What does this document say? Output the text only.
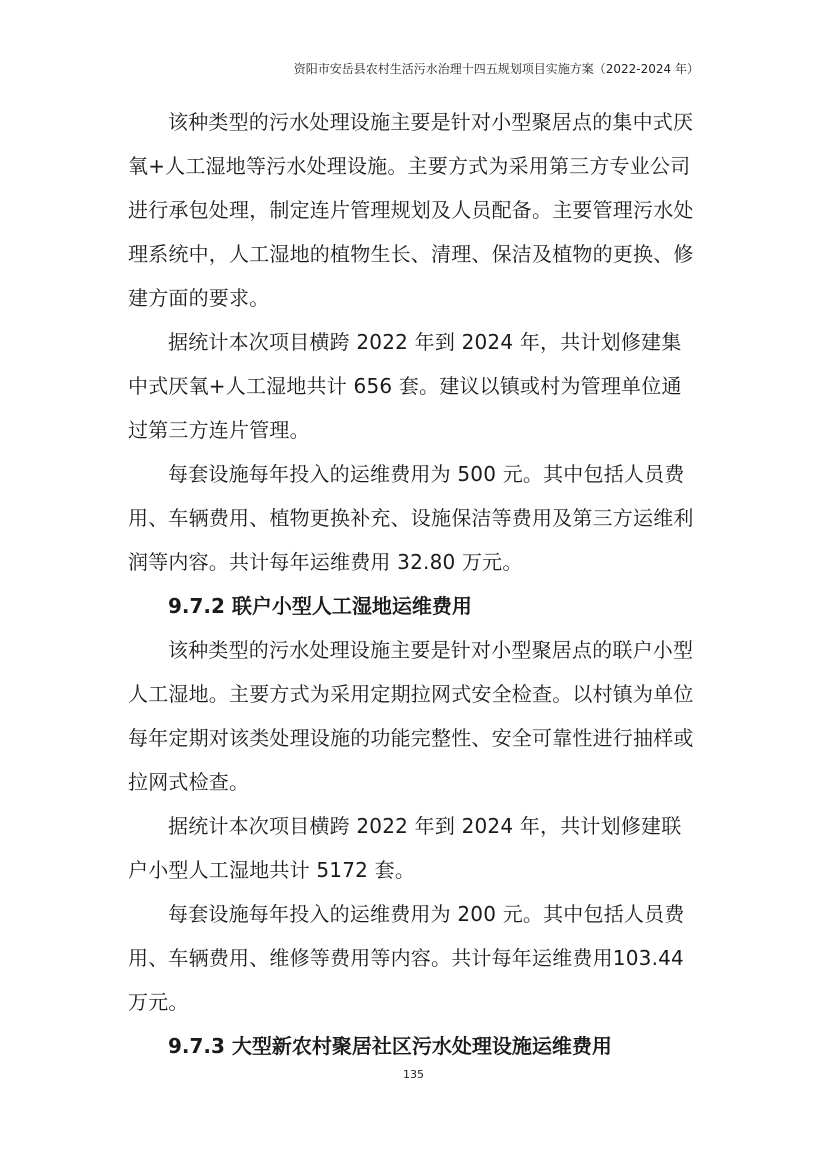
资阳市安岳县农村生活污水治理十四五规划项目实施方案（2022-2024 年）

该种类型的污水处理设施主要是针对小型聚居点的集中式厌氧+人工湿地等污水处理设施。主要方式为采用第三方专业公司进行承包处理，制定连片管理规划及人员配备。主要管理污水处理系统中，人工湿地的植物生长、清理、保洁及植物的更换、修建方面的要求。

据统计本次项目横跨 2022 年到 2024 年，共计划修建集中式厌氧+人工湿地共计 656 套。建议以镇或村为管理单位通过第三方连片管理。

每套设施每年投入的运维费用为 500 元。其中包括人员费用、车辆费用、植物更换补充、设施保洁等费用及第三方运维利润等内容。共计每年运维费用 32.80 万元。

9.7.2 联户小型人工湿地运维费用

该种类型的污水处理设施主要是针对小型聚居点的联户小型人工湿地。主要方式为采用定期拉网式安全检查。以村镇为单位每年定期对该类处理设施的功能完整性、安全可靠性进行抽样或拉网式检查。

据统计本次项目横跨 2022 年到 2024 年，共计划修建联户小型人工湿地共计 5172 套。

每套设施每年投入的运维费用为 200 元。其中包括人员费用、车辆费用、维修等费用等内容。共计每年运维费用103.44 万元。

9.7.3 大型新农村聚居社区污水处理设施运维费用

135
